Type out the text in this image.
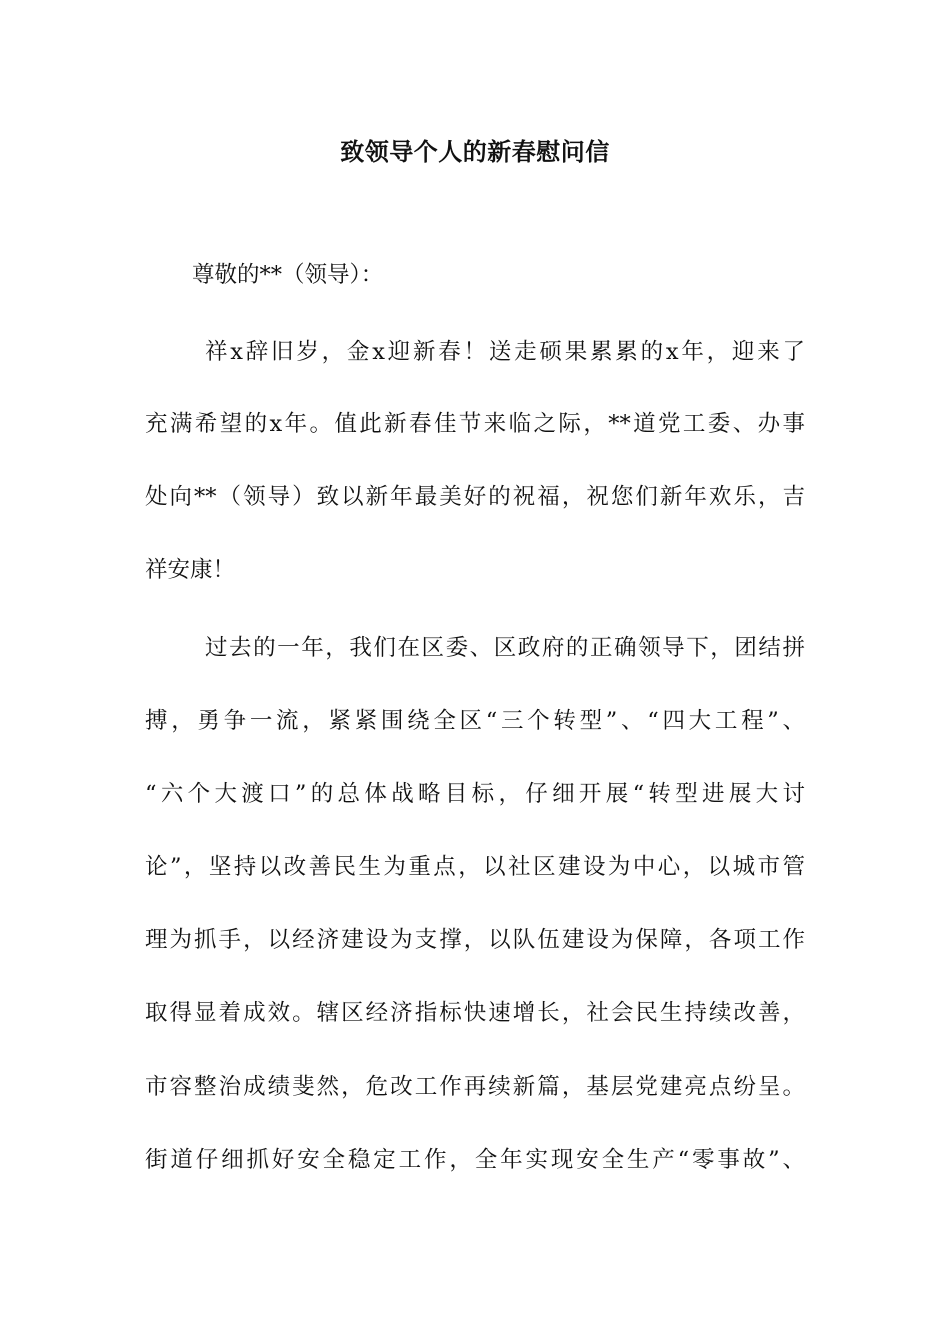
致领导个人的新春慰问信
尊敬的**（领导）：
祥x辞旧岁，金x迎新春！送走硕果累累的x年，迎来了
充满希望的x年。值此新春佳节来临之际，**道党工委、办事
处向**（领导）致以新年最美好的祝福，祝您们新年欢乐，吉
祥安康！
过去的一年，我们在区委、区政府的正确领导下，团结拼
搏，勇争一流，紧紧围绕全区“三个转型”、“四大工程”、
“六个大渡口”的总体战略目标，仔细开展“转型进展大讨
论”，坚持以改善民生为重点，以社区建设为中心，以城市管
理为抓手，以经济建设为支撑，以队伍建设为保障，各项工作
取得显着成效。辖区经济指标快速增长，社会民生持续改善，
市容整治成绩斐然，危改工作再续新篇，基层党建亮点纷呈。
街道仔细抓好安全稳定工作，全年实现安全生产“零事故”、
